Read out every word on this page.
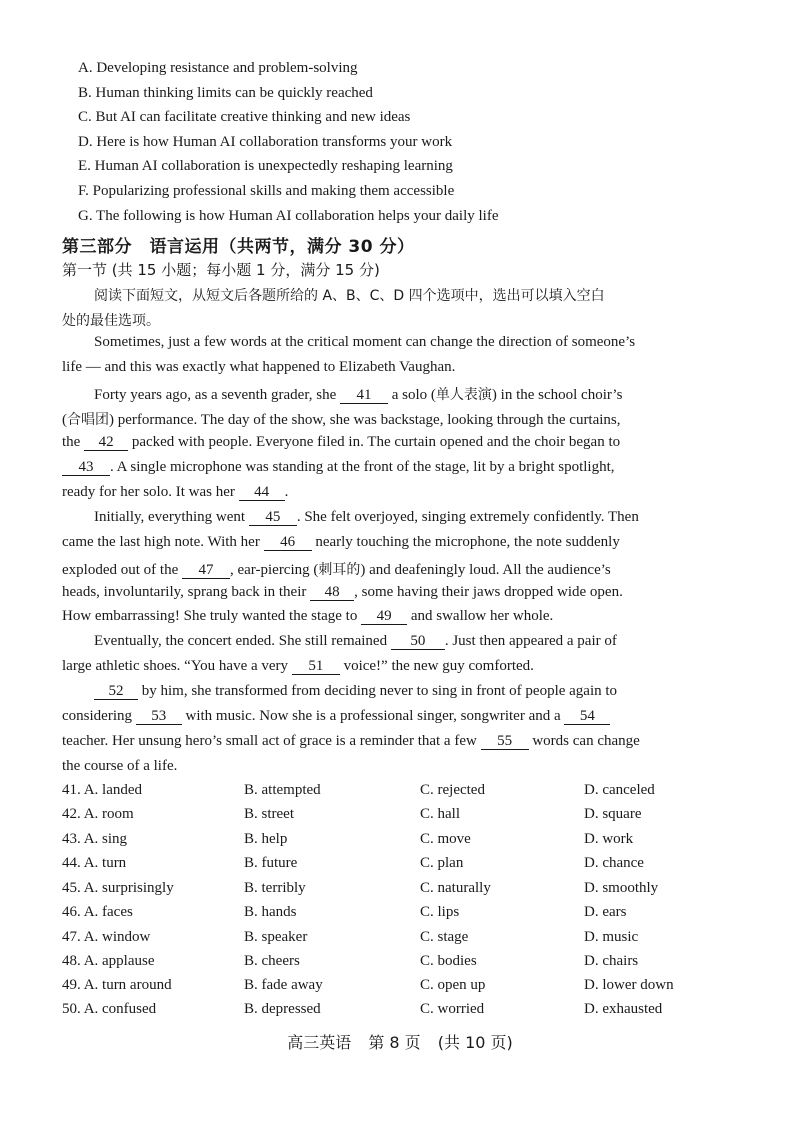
A. Developing resistance and problem-solving
B. Human thinking limits can be quickly reached
C. But AI can facilitate creative thinking and new ideas
D. Here is how Human AI collaboration transforms your work
E. Human AI collaboration is unexpectedly reshaping learning
F. Popularizing professional skills and making them accessible
G. The following is how Human AI collaboration helps your daily life
第三部分　语言运用（共两节，满分 30 分）
第一节 (共 15 小题；每小题 1 分，满分 15 分)
阅读下面短文，从短文后各题所给的 A、B、C、D 四个选项中，选出可以填入空白
处的最佳选项。
Sometimes, just a few words at the critical moment can change the direction of someone’s
life — and this was exactly what happened to Elizabeth Vaughan.
Forty years ago, as a seventh grader, she 41 a solo (单人表演) in the school choir’s
(合唱团) performance. The day of the show, she was backstage, looking through the curtains,
the 42 packed with people. Everyone filed in. The curtain opened and the choir began to
43 . A single microphone was standing at the front of the stage, lit by a bright spotlight,
ready for her solo. It was her 44 .
Initially, everything went 45 . She felt overjoyed, singing extremely confidently. Then
came the last high note. With her 46 nearly touching the microphone, the note suddenly
exploded out of the 47 , ear-piercing (刺耳的) and deafeningly loud. All the audience’s
heads, involuntarily, sprang back in their 48 , some having their jaws dropped wide open.
How embarrassing! She truly wanted the stage to 49 and swallow her whole.
Eventually, the concert ended. She still remained 50 . Just then appeared a pair of
large athletic shoes. “You have a very 51 voice!” the new guy comforted.
52 by him, she transformed from deciding never to sing in front of people again to
considering 53 with music. Now she is a professional singer, songwriter and a 54
teacher. Her unsung hero’s small act of grace is a reminder that a few 55 words can change
the course of a life.
41. A. landed	B. attempted	C. rejected	D. canceled
42. A. room	B. street	C. hall	D. square
43. A. sing	B. help	C. move	D. work
44. A. turn	B. future	C. plan	D. chance
45. A. surprisingly	B. terribly	C. naturally	D. smoothly
46. A. faces	B. hands	C. lips	D. ears
47. A. window	B. speaker	C. stage	D. music
48. A. applause	B. cheers	C. bodies	D. chairs
49. A. turn around	B. fade away	C. open up	D. lower down
50. A. confused	B. depressed	C. worried	D. exhausted
高三英语 第 8 页 (共 10 页)
